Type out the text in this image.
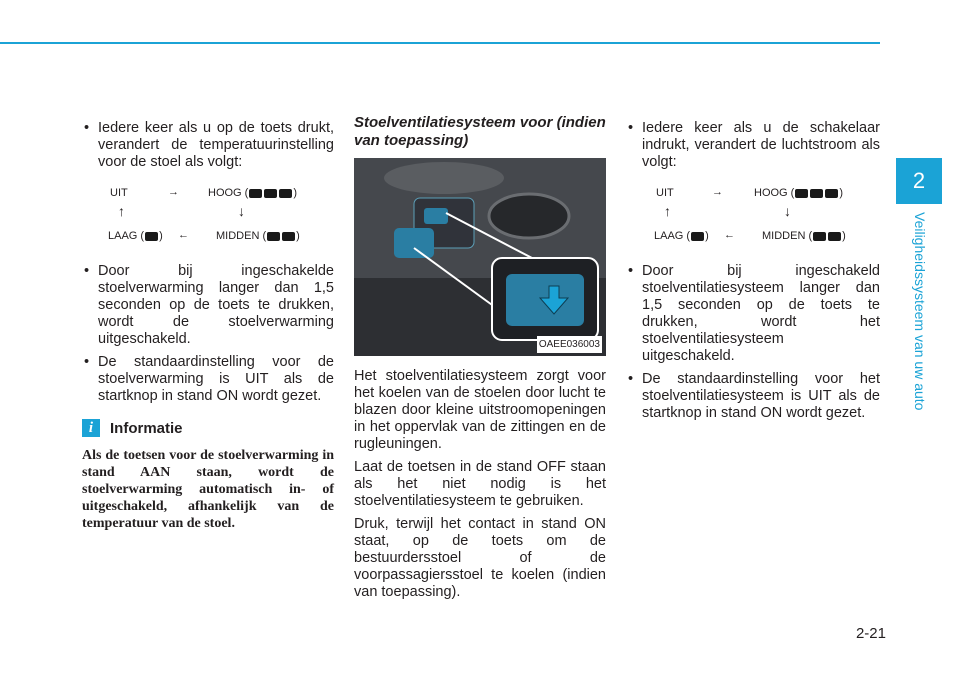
2
Veiligheidssysteem van uw auto
2-21
• Iedere keer als u op de toets drukt, verandert de temperatuurinstelling voor de stoel als volgt:
UIT	→	HOOG (	)
↑	↓
LAAG ( ) ← MIDDEN (	)
• Door bij ingeschakelde stoelverwarming langer dan 1,5 seconden op de toets te drukken, wordt de stoelverwarming uitgeschakeld.
• De standaardinstelling voor de stoelverwarming is UIT als de startknop in stand ON wordt gezet.
i	Informatie
Als de toetsen voor de stoelverwarming in stand AAN staan, wordt de stoelverwarming automatisch in- of uitgeschakeld, afhankelijk van de temperatuur van de stoel.
Stoelventilatiesysteem voor (indien van toepassing)
OAEE036003
Het stoelventilatiesysteem zorgt voor het koelen van de stoelen door lucht te blazen door kleine uitstroomopeningen in het oppervlak van de zittingen en de rugleuningen.
Laat de toetsen in de stand OFF staan als het niet nodig is het stoelventilatiesysteem te gebruiken.
Druk, terwijl het contact in stand ON staat, op de toets om de bestuurdersstoel of de voorpassagiersstoel te koelen (indien van toepassing).
• Iedere keer als u de schakelaar indrukt, verandert de luchtstroom als volgt:
UIT	→	HOOG (	)
↑	↓
LAAG ( ) ← MIDDEN (	)
• Door bij ingeschakeld stoelventilatiesysteem langer dan 1,5 seconden op de toets te drukken, wordt het stoelventilatiesysteem uitgeschakeld.
• De standaardinstelling voor het stoelventilatiesysteem is UIT als de startknop in stand ON wordt gezet.
